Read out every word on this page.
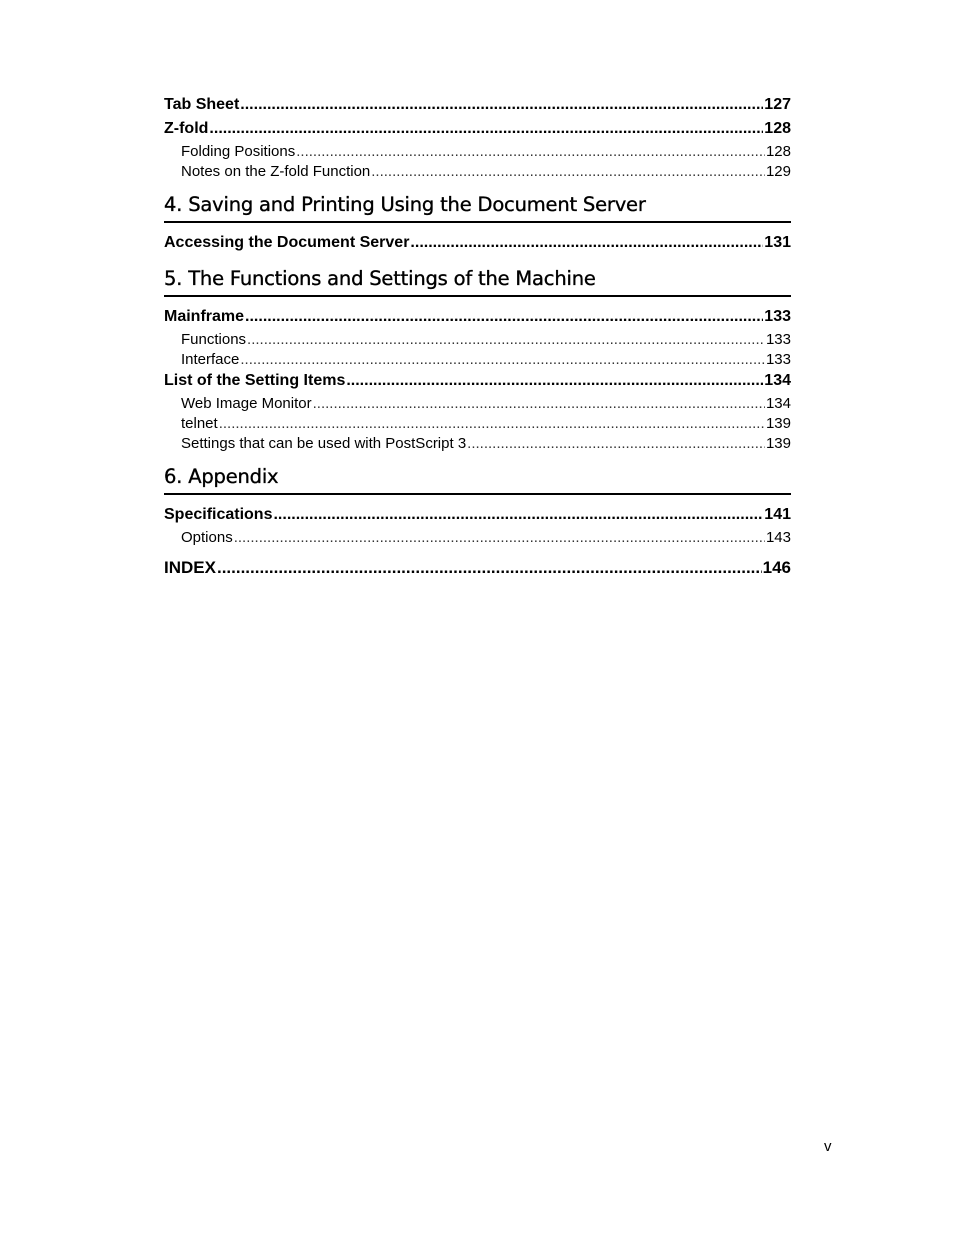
Tab Sheet .....	127
Z-fold .....	128
Folding Positions .....	128
Notes on the Z-fold Function .....	129
4. Saving and Printing Using the Document Server
Accessing the Document Server .....	131
5. The Functions and Settings of the Machine
Mainframe .....	133
Functions .....	133
Interface .....	133
List of the Setting Items .....	134
Web Image Monitor .....	134
telnet .....	139
Settings that can be used with PostScript 3 .....	139
6. Appendix
Specifications .....	141
Options .....	143
INDEX .....	146
v
